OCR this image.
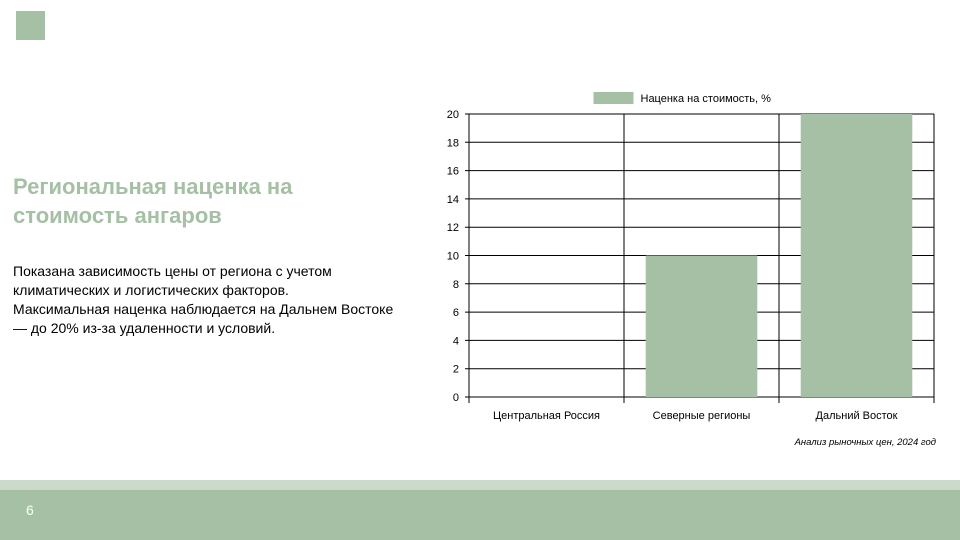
Региональная наценка на стоимость ангаров

Показана зависимость цены от региона с учетом климатических и логистических факторов.

Максимальная наценка наблюдается на Дальнем Востоке — до 20% из-за удаленности и условий.

0
2
4
6
8
10
12
14
16
18
20
Центральная Россия	Северные регионы	Дальний Восток
Наценка на стоимость, %
Анализ рыночных цен, 2024 год
6
